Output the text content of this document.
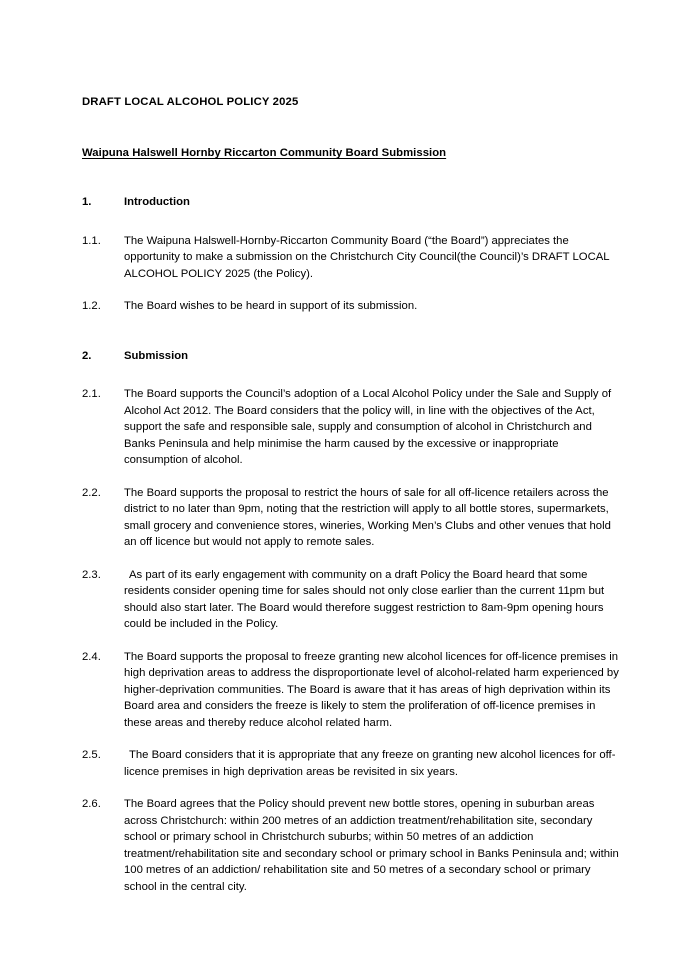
DRAFT LOCAL ALCOHOL POLICY 2025
Waipuna Halswell Hornby Riccarton Community Board Submission
1.	Introduction
1.1.	The Waipuna Halswell-Hornby-Riccarton Community Board (“the Board”) appreciates the opportunity to make a submission on the Christchurch City Council(the Council)’s DRAFT LOCAL ALCOHOL POLICY 2025 (the Policy).
1.2.	The Board wishes to be heard in support of its submission.
2.	Submission
2.1.	The Board supports the Council’s adoption of a Local Alcohol Policy under the Sale and Supply of Alcohol Act 2012. The Board considers that the policy will, in line with the objectives of the Act, support the safe and responsible sale, supply and consumption of alcohol in Christchurch and Banks Peninsula and help minimise the harm caused by the excessive or inappropriate consumption of alcohol.
2.2.	The Board supports the proposal to restrict the hours of sale for all off-licence retailers across the district to no later than 9pm, noting that the restriction will apply to all bottle stores, supermarkets, small grocery and convenience stores, wineries, Working Men’s Clubs and other venues that hold an off licence but would not apply to remote sales.
2.3.	As part of its early engagement with community on a draft Policy the Board heard that some residents consider opening time for sales should not only close earlier than the current 11pm but should also start later. The Board would therefore suggest restriction to 8am-9pm opening hours could be included in the Policy.
2.4.	The Board supports the proposal to freeze granting new alcohol licences for off-licence premises in high deprivation areas to address the disproportionate level of alcohol-related harm experienced by higher-deprivation communities. The Board is aware that it has areas of high deprivation within its Board area and considers the freeze is likely to stem the proliferation of off-licence premises in these areas and thereby reduce alcohol related harm.
2.5.	The Board considers that it is appropriate that any freeze on granting new alcohol licences for off-licence premises in high deprivation areas be revisited in six years.
2.6.	The Board agrees that the Policy should prevent new bottle stores, opening in suburban areas across Christchurch: within 200 metres of an addiction treatment/rehabilitation site, secondary school or primary school in Christchurch suburbs; within 50 metres of an addiction treatment/rehabilitation site and secondary school or primary school in Banks Peninsula and; within 100 metres of an addiction/ rehabilitation site and 50 metres of a secondary school or primary school in the central city.
